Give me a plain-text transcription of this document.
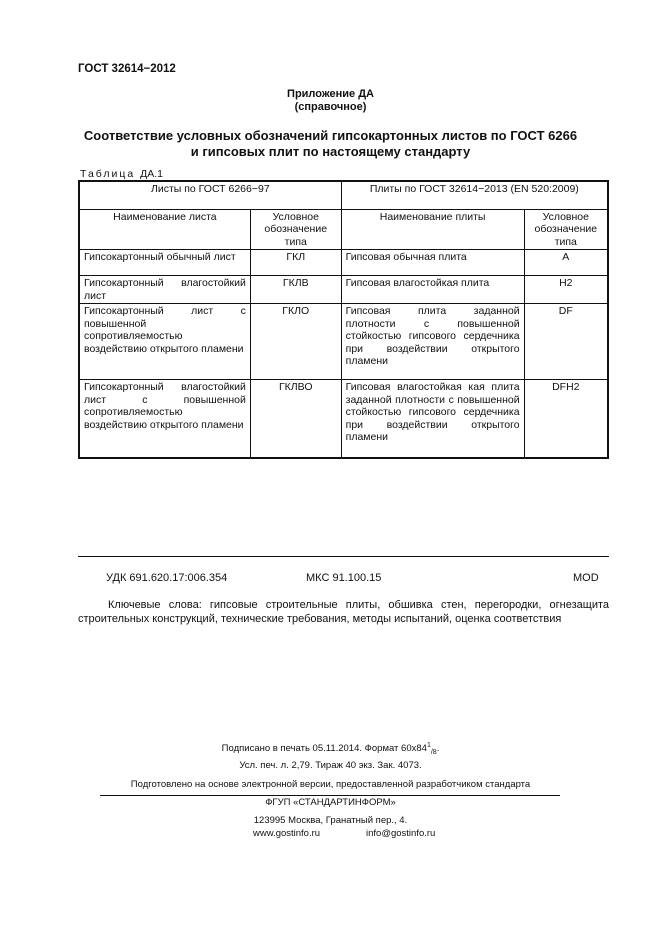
ГОСТ 32614−2012
Приложение ДА
(справочное)
Соответствие условных обозначений гипсокартонных листов по ГОСТ 6266
и гипсовых плит по настоящему стандарту
Таблица ДА.1
Листы по ГОСТ 6266−97		Плиты по ГОСТ 32614−2013 (EN 520:2009)	
Наименование листа	Условное обозначение типа	Наименование плиты	Условное обозначение типа
Гипсокартонный обычный лист	ГКЛ	Гипсовая обычная плита	A
Гипсокартонный влагостойкий лист	ГКЛВ	Гипсовая влагостойкая плита	H2
Гипсокартонный лист с повышенной сопротивляемостью воздействию открытого пламени	ГКЛО	Гипсовая плита заданной плотности с повышенной стойкостью гипсового сердечника при воздействии открытого пламени	DF
Гипсокартонный влагостойкий лист с повышенной сопротивляемостью воздействию открытого пламени	ГКЛВО	Гипсовая влагостойкая кая плита заданной плотности с повышенной стойкостью гипсового сердечника при воздействии открытого пламени	DFH2
УДК 691.620.17:006.354	МКС 91.100.15	MOD
Ключевые слова: гипсовые строительные плиты, обшивка стен, перегородки, огнезащита строительных конструкций, технические требования, методы испытаний, оценка соответствия
Подписано в печать 05.11.2014. Формат $60x84^1_{/8}$.
Усл. печ. л. 2,79. Тираж 40 экз. Зак. 4073.
Подготовлено на основе электронной версии, предоставленной разработчиком стандарта
ФГУП «СТАНДАРТИНФОРМ»
123995 Москва, Гранатный пер., 4.
www.gostinfo.ru	info@gostinfo.ru
